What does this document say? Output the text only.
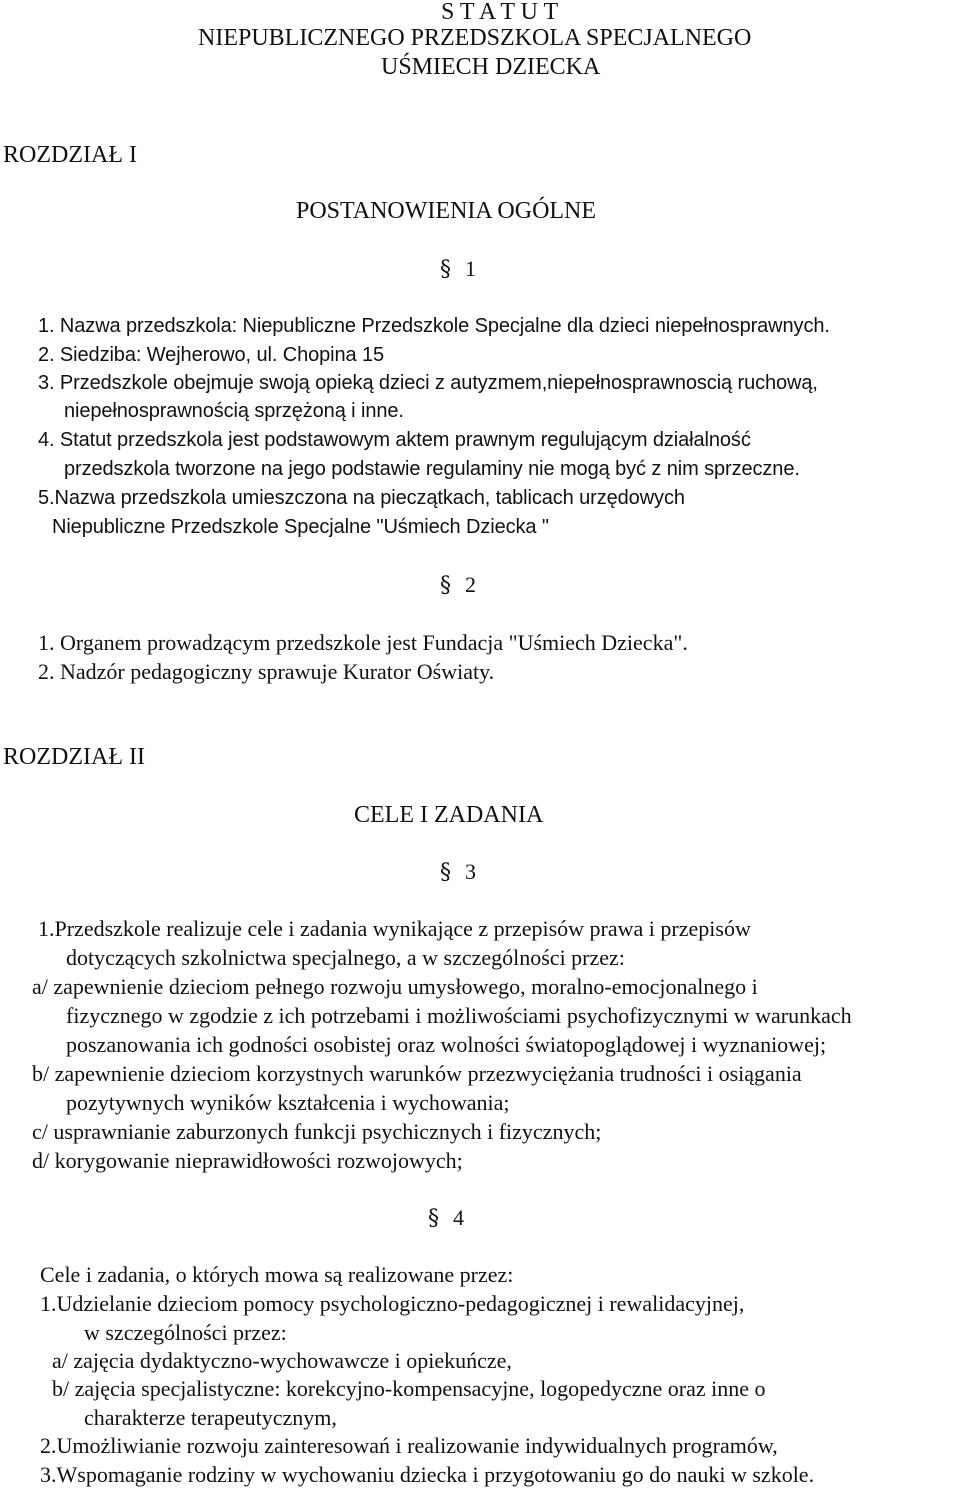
S T A T U T
NIEPUBLICZNEGO PRZEDSZKOLA SPECJALNEGO
UŚMIECH DZIECKA
ROZDZIAŁ I
POSTANOWIENIA OGÓLNE
§ 1
1. Nazwa przedszkola: Niepubliczne Przedszkole Specjalne dla dzieci niepełnosprawnych.
2. Siedziba: Wejherowo, ul. Chopina 15
3. Przedszkole obejmuje swoją opieką dzieci z autyzmem,niepełnosprawnoscią ruchową,
niepełnosprawnością sprzężoną i inne.
4. Statut przedszkola jest podstawowym aktem prawnym regulującym działalność
przedszkola tworzone na jego podstawie regulaminy nie mogą być z nim sprzeczne.
5.Nazwa przedszkola umieszczona na pieczątkach, tablicach urzędowych
Niepubliczne Przedszkole Specjalne "Uśmiech Dziecka "
§ 2
1. Organem prowadzącym przedszkole jest Fundacja "Uśmiech Dziecka".
2. Nadzór pedagogiczny sprawuje Kurator Oświaty.
ROZDZIAŁ II
CELE I ZADANIA
§ 3
1.Przedszkole realizuje cele i zadania wynikające z przepisów prawa i przepisów
dotyczących szkolnictwa specjalnego, a w szczególności przez:
a/ zapewnienie dzieciom pełnego rozwoju umysłowego, moralno-emocjonalnego i
fizycznego w zgodzie z ich potrzebami i możliwościami psychofizycznymi w warunkach
poszanowania ich godności osobistej oraz wolności światopoglądowej i wyznaniowej;
b/ zapewnienie dzieciom korzystnych warunków przezwyciężania trudności i osiągania
pozytywnych wyników kształcenia i wychowania;
c/ usprawnianie zaburzonych funkcji psychicznych i fizycznych;
d/ korygowanie nieprawidłowości rozwojowych;
§ 4
Cele i zadania, o których mowa są realizowane przez:
1.Udzielanie dzieciom pomocy psychologiczno-pedagogicznej i rewalidacyjnej,
w szczególności przez:
a/ zajęcia dydaktyczno-wychowawcze i opiekuńcze,
b/ zajęcia specjalistyczne: korekcyjno-kompensacyjne, logopedyczne oraz inne o
charakterze terapeutycznym,
2.Umożliwianie rozwoju zainteresowań i realizowanie indywidualnych programów,
3.Wspomaganie rodziny w wychowaniu dziecka i przygotowaniu go do nauki w szkole.
